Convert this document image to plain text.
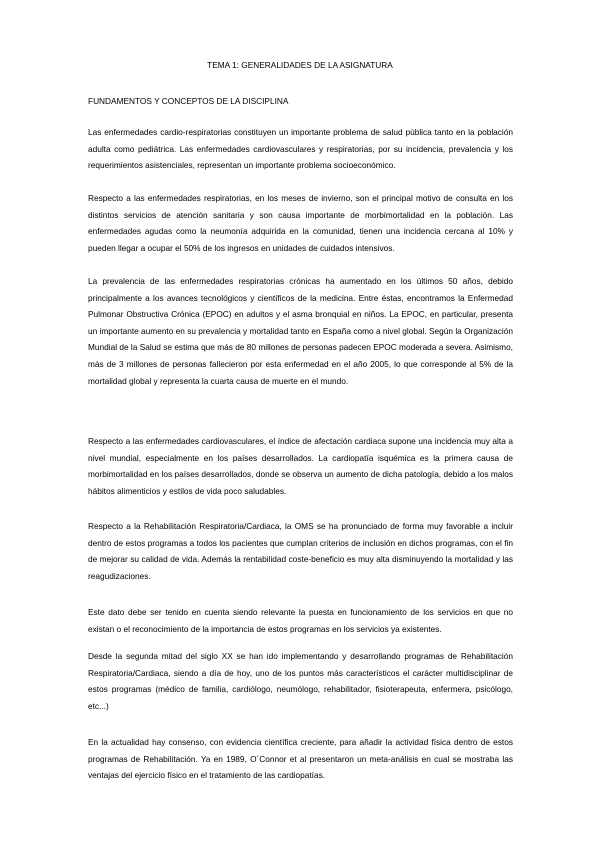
TEMA 1: GENERALIDADES DE LA ASIGNATURA

FUNDAMENTOS Y CONCEPTOS DE LA DISCIPLINA

Las enfermedades cardio-respiratorias constituyen un importante problema de salud pública tanto en la población adulta como pediátrica. Las enfermedades cardiovasculares y respiratorias, por su incidencia, prevalencia y los requerimientos asistenciales, representan un importante problema socioeconómico.

Respecto a las enfermedades respiratorias, en los meses de invierno, son el principal motivo de consulta en los distintos servicios de atención sanitaria y son causa importante de morbimortalidad en la población. Las enfermedades agudas como la neumonía adquirida en la comunidad, tienen una incidencia cercana al 10% y pueden llegar a ocupar el 50% de los ingresos en unidades de cuidados intensivos.

La prevalencia de las enfermedades respiratorias crónicas ha aumentado en los últimos 50 años, debido principalmente a los avances tecnológicos y científicos de la medicina. Entre éstas, encontramos la Enfermedad Pulmonar Obstructiva Crónica (EPOC) en adultos y el asma bronquial en niños. La EPOC, en particular, presenta un importante aumento en su prevalencia y mortalidad tanto en España como a nivel global. Según la Organización Mundial de la Salud se estima que más de 80 millones de personas padecen EPOC moderada a severa. Asimismo, más de 3 millones de personas fallecieron por esta enfermedad en el año 2005, lo que corresponde al 5% de la mortalidad global y representa la cuarta causa de muerte en el mundo.

Respecto a las enfermedades cardiovasculares, el índice de afectación cardiaca supone una incidencia muy alta a nivel mundial, especialmente en los países desarrollados. La cardiopatía isquémica es la primera causa de morbimortalidad en los países desarrollados, donde se observa un aumento de dicha patología, debido a los malos hábitos alimenticios y estilos de vida poco saludables.

Respecto a la Rehabilitación Respiratoria/Cardiaca, la OMS se ha pronunciado de forma muy favorable a incluir dentro de estos programas a todos los pacientes que cumplan criterios de inclusión en dichos programas, con el fin de mejorar su calidad de vida. Además la rentabilidad coste-beneficio es muy alta disminuyendo la mortalidad y las reagudizaciones.

Este dato debe ser tenido en cuenta siendo relevante la puesta en funcionamiento de los servicios en que no existan o el reconocimiento de la importancia de estos programas en los servicios ya existentes.

Desde la segunda mitad del siglo XX se han ido implementando y desarrollando programas de Rehabilitación Respiratoria/Cardiaca, siendo a día de hoy, uno de los puntos más característicos el carácter multidisciplinar de estos programas (médico de familia, cardiólogo, neumólogo, rehabilitador, fisioterapeuta, enfermera, psicólogo, etc...)

En la actualidad hay consenso, con evidencia científica creciente, para añadir la actividad física dentro de estos programas de Rehabilitación. Ya en 1989, O´Connor et al presentaron un meta-análisis en cual se mostraba las ventajas del ejercicio físico en el tratamiento de las cardiopatías.
